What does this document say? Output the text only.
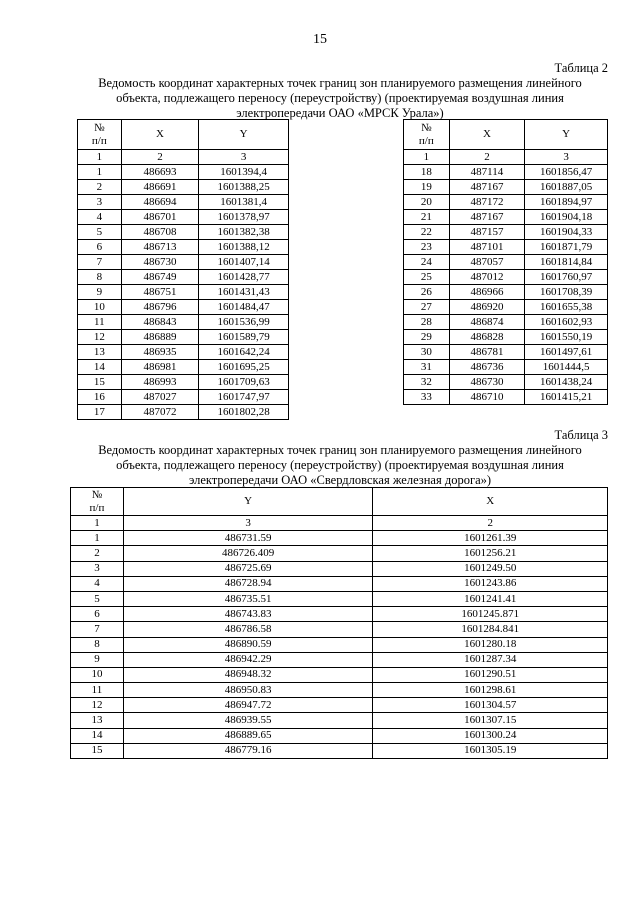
15
Таблица 2
Ведомость координат характерных точек границ зон планируемого размещения линейного
объекта, подлежащего переносу (переустройству) (проектируемая воздушная линия
электропередачи ОАО «МРСК Урала»)
№
п/п	X	Y
1	2	3
1	486693	1601394,4
2	486691	1601388,25
3	486694	1601381,4
4	486701	1601378,97
5	486708	1601382,38
6	486713	1601388,12
7	486730	1601407,14
8	486749	1601428,77
9	486751	1601431,43
10	486796	1601484,47
11	486843	1601536,99
12	486889	1601589,79
13	486935	1601642,24
14	486981	1601695,25
15	486993	1601709,63
16	487027	1601747,97
17	487072	1601802,28
№
п/п	X	Y
1	2	3
18	487114	1601856,47
19	487167	1601887,05
20	487172	1601894,97
21	487167	1601904,18
22	487157	1601904,33
23	487101	1601871,79
24	487057	1601814,84
25	487012	1601760,97
26	486966	1601708,39
27	486920	1601655,38
28	486874	1601602,93
29	486828	1601550,19
30	486781	1601497,61
31	486736	1601444,5
32	486730	1601438,24
33	486710	1601415,21
Таблица 3
Ведомость координат характерных точек границ зон планируемого размещения линейного
объекта, подлежащего переносу (переустройству) (проектируемая воздушная линия
электропередачи ОАО «Свердловская железная дорога»)
№
п/п	Y	X
1	3	2
1	486731.59	1601261.39
2	486726.409	1601256.21
3	486725.69	1601249.50
4	486728.94	1601243.86
5	486735.51	1601241.41
6	486743.83	1601245.871
7	486786.58	1601284.841
8	486890.59	1601280.18
9	486942.29	1601287.34
10	486948.32	1601290.51
11	486950.83	1601298.61
12	486947.72	1601304.57
13	486939.55	1601307.15
14	486889.65	1601300.24
15	486779.16	1601305.19
